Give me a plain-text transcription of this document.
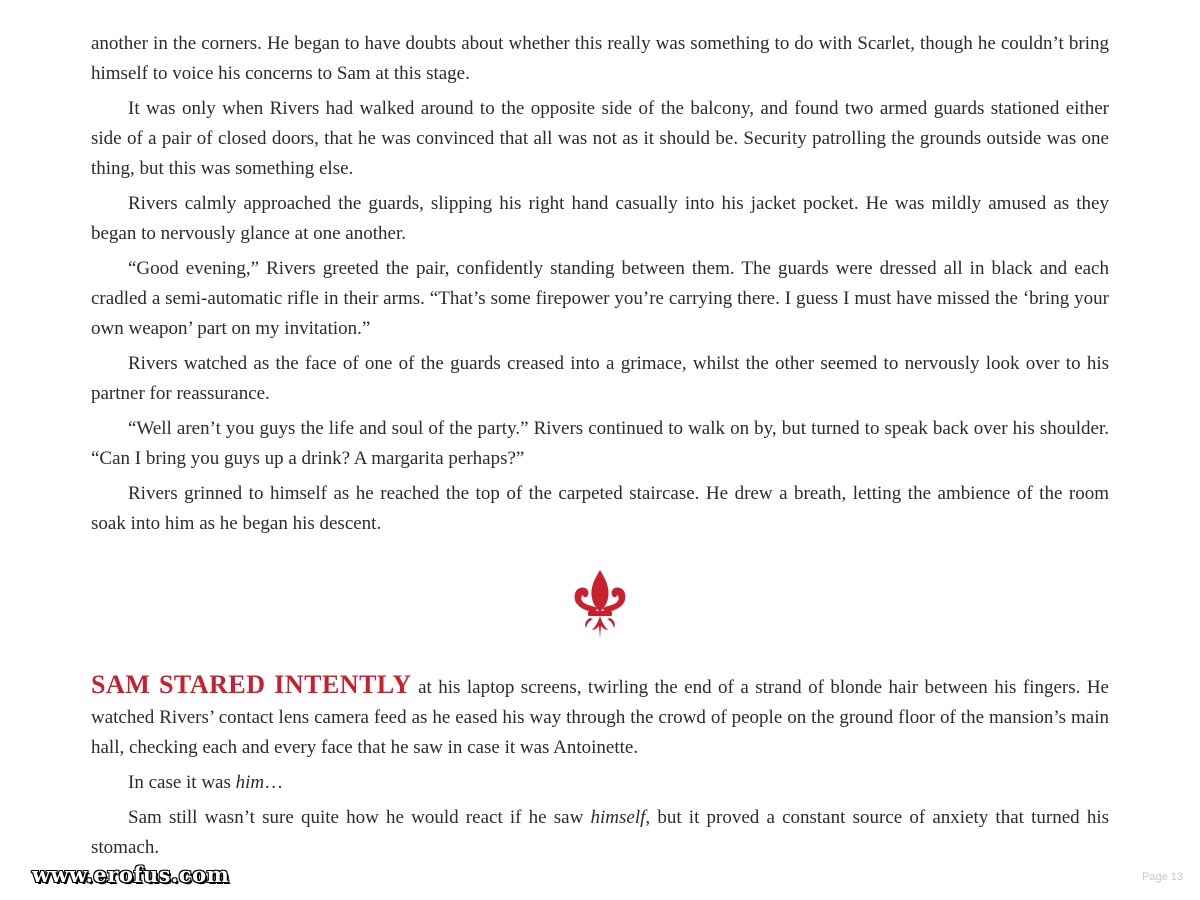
another in the corners. He began to have doubts about whether this really was something to do with Scarlet, though he couldn’t bring himself to voice his concerns to Sam at this stage.

It was only when Rivers had walked around to the opposite side of the balcony, and found two armed guards stationed either side of a pair of closed doors, that he was convinced that all was not as it should be. Security patrolling the grounds outside was one thing, but this was something else.

Rivers calmly approached the guards, slipping his right hand casually into his jacket pocket. He was mildly amused as they began to nervously glance at one another.

“Good evening,” Rivers greeted the pair, confidently standing between them. The guards were dressed all in black and each cradled a semi-automatic rifle in their arms. “That’s some firepower you’re carrying there. I guess I must have missed the ‘bring your own weapon’ part on my invitation.”

Rivers watched as the face of one of the guards creased into a grimace, whilst the other seemed to nervously look over to his partner for reassurance.

“Well aren’t you guys the life and soul of the party.” Rivers continued to walk on by, but turned to speak back over his shoulder. “Can I bring you guys up a drink? A margarita perhaps?”

Rivers grinned to himself as he reached the top of the carpeted staircase. He drew a breath, letting the ambience of the room soak into him as he began his descent.

SAM STARED INTENTLY at his laptop screens, twirling the end of a strand of blonde hair between his fingers. He watched Rivers’ contact lens camera feed as he eased his way through the crowd of people on the ground floor of the mansion’s main hall, checking each and every face that he saw in case it was Antoinette.

In case it was him…

Sam still wasn’t sure quite how he would react if he saw himself, but it proved a constant source of anxiety that turned his stomach.

www.erofus.com	Page 13
